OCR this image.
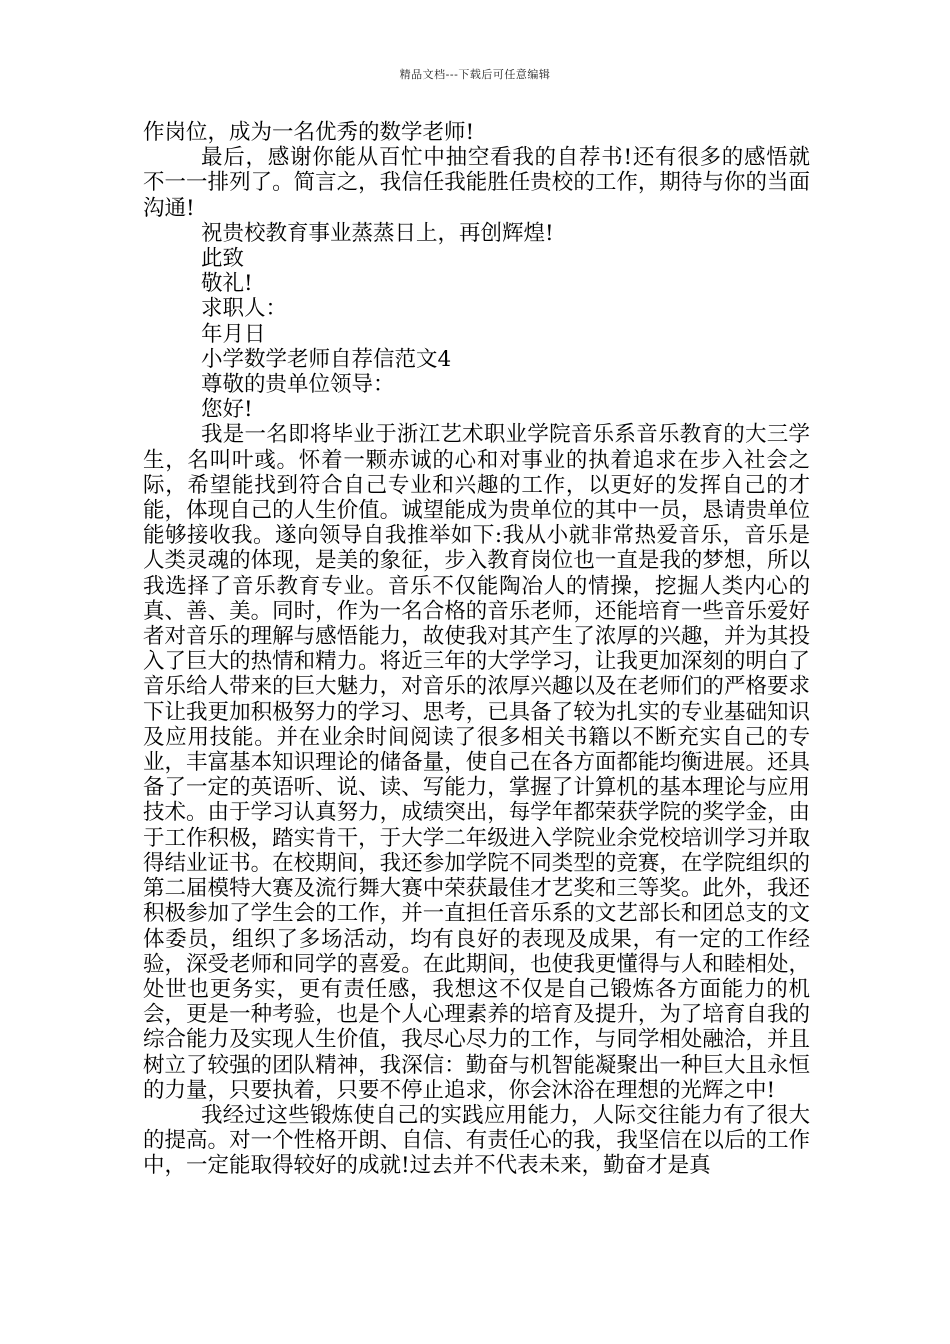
精品文档---下载后可任意编辑

作岗位，成为一名优秀的数学老师!

最后，感谢你能从百忙中抽空看我的自荐书!还有很多的感悟就不一一排列了。简言之，我信任我能胜任贵校的工作，期待与你的当面沟通!

祝贵校教育事业蒸蒸日上，再创辉煌!

此致

敬礼!

求职人：

年月日

小学数学老师自荐信范文4

尊敬的贵单位领导：

您好!

我是一名即将毕业于浙江艺术职业学院音乐系音乐教育的大三学生，名叫叶彧。怀着一颗赤诚的心和对事业的执着追求在步入社会之际，希望能找到符合自己专业和兴趣的工作，以更好的发挥自己的才能，体现自己的人生价值。诚望能成为贵单位的其中一员，恳请贵单位能够接收我。遂向领导自我推举如下:我从小就非常热爱音乐，音乐是人类灵魂的体现，是美的象征，步入教育岗位也一直是我的梦想，所以我选择了音乐教育专业。音乐不仅能陶冶人的情操，挖掘人类内心的真、善、美。同时，作为一名合格的音乐老师，还能培育一些音乐爱好者对音乐的理解与感悟能力，故使我对其产生了浓厚的兴趣，并为其投入了巨大的热情和精力。将近三年的大学学习，让我更加深刻的明白了音乐给人带来的巨大魅力，对音乐的浓厚兴趣以及在老师们的严格要求下让我更加积极努力的学习、思考，已具备了较为扎实的专业基础知识及应用技能。并在业余时间阅读了很多相关书籍以不断充实自己的专业，丰富基本知识理论的储备量，使自己在各方面都能均衡进展。还具备了一定的英语听、说、读、写能力，掌握了计算机的基本理论与应用技术。由于学习认真努力，成绩突出，每学年都荣获学院的奖学金，由于工作积极，踏实肯干，于大学二年级进入学院业余党校培训学习并取得结业证书。在校期间，我还参加学院不同类型的竞赛，在学院组织的第二届模特大赛及流行舞大赛中荣获最佳才艺奖和三等奖。此外，我还积极参加了学生会的工作，并一直担任音乐系的文艺部长和团总支的文体委员，组织了多场活动，均有良好的表现及成果，有一定的工作经验，深受老师和同学的喜爱。在此期间，也使我更懂得与人和睦相处，处世也更务实，更有责任感，我想这不仅是自己锻炼各方面能力的机会，更是一种考验，也是个人心理素养的培育及提升，为了培育自我的综合能力及实现人生价值，我尽心尽力的工作，与同学相处融洽，并且树立了较强的团队精神，我深信：勤奋与机智能凝聚出一种巨大且永恒的力量，只要执着，只要不停止追求，你会沐浴在理想的光辉之中!

我经过这些锻炼使自己的实践应用能力，人际交往能力有了很大的提高。对一个性格开朗、自信、有责任心的我，我坚信在以后的工作中，一定能取得较好的成就!过去并不代表未来，勤奋才是真
